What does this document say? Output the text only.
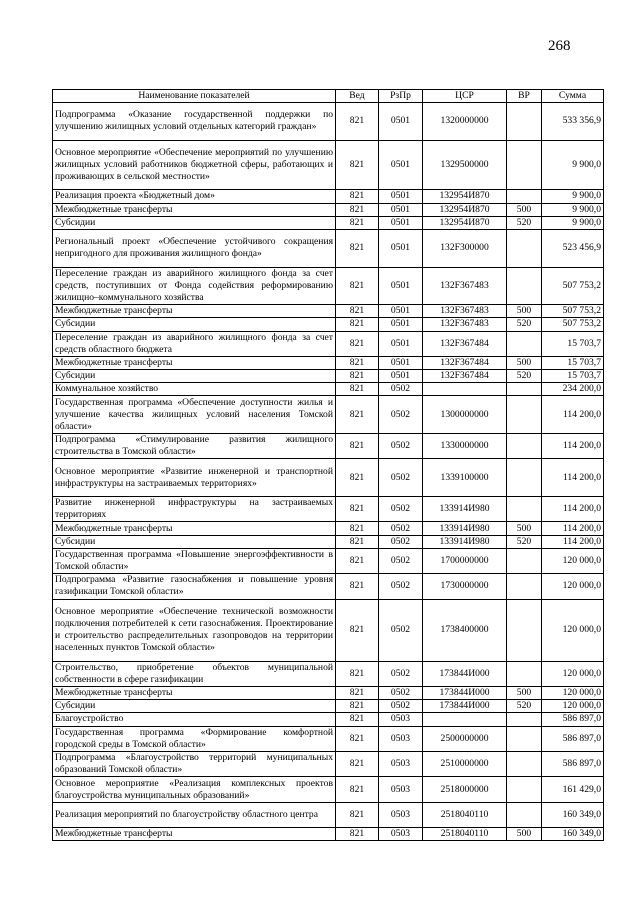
268
Наименование показателей	Вед	РзПр	ЦСР	ВР	Сумма
Подпрограмма «Оказание государственной поддержки по улучшению жилищных условий отдельных категорий граждан»	821	0501	1320000000		533 356,9
Основное мероприятие «Обеспечение мероприятий по улучшению жилищных условий работников бюджетной сферы, работающих и проживающих в сельской местности»	821	0501	1329500000		9 900,0
Реализация проекта «Бюджетный дом»	821	0501	132954И870		9 900,0
Межбюджетные трансферты	821	0501	132954И870	500	9 900,0
Субсидии	821	0501	132954И870	520	9 900,0
Региональный проект «Обеспечение устойчивого сокращения непригодного для проживания жилищного фонда»	821	0501	132F300000		523 456,9
Переселение граждан из аварийного жилищного фонда за счет средств, поступивших от Фонда содействия реформированию жилищно–коммунального хозяйства	821	0501	132F367483		507 753,2
Межбюджетные трансферты	821	0501	132F367483	500	507 753,2
Субсидии	821	0501	132F367483	520	507 753,2
Переселение граждан из аварийного жилищного фонда за счет средств областного бюджета	821	0501	132F367484		15 703,7
Межбюджетные трансферты	821	0501	132F367484	500	15 703,7
Субсидии	821	0501	132F367484	520	15 703,7
Коммунальное хозяйство	821	0502			234 200,0
Государственная программа «Обеспечение доступности жилья и улучшение качества жилищных условий населения Томской области»	821	0502	1300000000		114 200,0
Подпрограмма «Стимулирование развития жилищного строительства в Томской области»	821	0502	1330000000		114 200,0
Основное мероприятие «Развитие инженерной и транспортной инфраструктуры на застраиваемых территориях»	821	0502	1339100000		114 200,0
Развитие инженерной инфраструктуры на застраиваемых территориях	821	0502	133914И980		114 200,0
Межбюджетные трансферты	821	0502	133914И980	500	114 200,0
Субсидии	821	0502	133914И980	520	114 200,0
Государственная программа «Повышение энергоэффективности в Томской области»	821	0502	1700000000		120 000,0
Подпрограмма «Развитие газоснабжения и повышение уровня газификации Томской области»	821	0502	1730000000		120 000,0
Основное мероприятие «Обеспечение технической возможности подключения потребителей к сети газоснабжения. Проектирование и строительство распределительных газопроводов на территории населенных пунктов Томской области»	821	0502	1738400000		120 000,0
Строительство, приобретение объектов муниципальной собственности в сфере газификации	821	0502	173844И000		120 000,0
Межбюджетные трансферты	821	0502	173844И000	500	120 000,0
Субсидии	821	0502	173844И000	520	120 000,0
Благоустройство	821	0503			586 897,0
Государственная программа «Формирование комфортной городской среды в Томской области»	821	0503	2500000000		586 897,0
Подпрограмма «Благоустройство территорий муниципальных образований Томской области»	821	0503	2510000000		586 897,0
Основное мероприятие «Реализация комплексных проектов благоустройства муниципальных образований»	821	0503	2518000000		161 429,0
Реализация мероприятий по благоустройству областного центра	821	0503	2518040110		160 349,0
Межбюджетные трансферты	821	0503	2518040110	500	160 349,0
